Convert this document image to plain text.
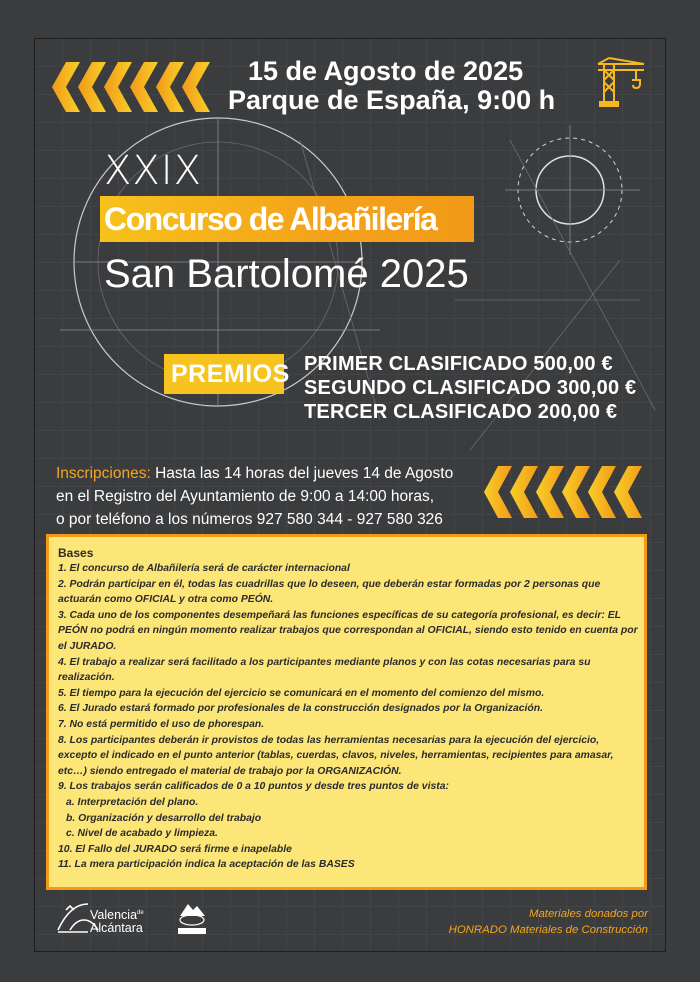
15 de Agosto de 2025
Parque de España, 9:00 h
XXIX
Concurso de Albañilería
San Bartolomé 2025
PREMIOS PRIMER CLASIFICADO 500,00 €
SEGUNDO CLASIFICADO 300,00 €
TERCER CLASIFICADO 200,00 €
Inscripciones: Hasta las 14 horas del jueves 14 de Agosto
en el Registro del Ayuntamiento de 9:00 a 14:00 horas,
o por teléfono a los números 927 580 344 - 927 580 326
Bases
1. El concurso de Albañilería será de carácter internacional
2. Podrán participar en él, todas las cuadrillas que lo deseen, que deberán estar formadas por 2 personas que actuarán como OFICIAL y otra como PEÓN.
3. Cada uno de los componentes desempeñará las funciones específicas de su categoría profesional, es decir: EL PEÓN no podrá en ningún momento realizar trabajos que correspondan al OFICIAL, siendo esto tenido en cuenta por el JURADO.
4. El trabajo a realizar será facilitado a los participantes mediante planos y con las cotas necesarias para su realización.
5. El tiempo para la ejecución del ejercicio se comunicará en el momento del comienzo del mismo.
6. El Jurado estará formado por profesionales de la construcción designados por la Organización.
7. No está permitido el uso de phorespan.
8. Los participantes deberán ir provistos de todas las herramientas necesarias para la ejecución del ejercicio, excepto el indicado en el punto anterior (tablas, cuerdas, clavos, niveles, herramientas, recipientes para amasar, etc…) siendo entregado el material de trabajo por la ORGANIZACIÓN.
9. Los trabajos serán calificados de 0 a 10 puntos y desde tres puntos de vista:
a. Interpretación del plano.
b. Organización y desarrollo del trabajo
c. Nivel de acabado y limpieza.
10. El Fallo del JURADO será firme e inapelable
11. La mera participación indica la aceptación de las BASES
Valencia$^{de}$
Alcántara
Materiales donados por
HONRADO Materiales de Construcción
